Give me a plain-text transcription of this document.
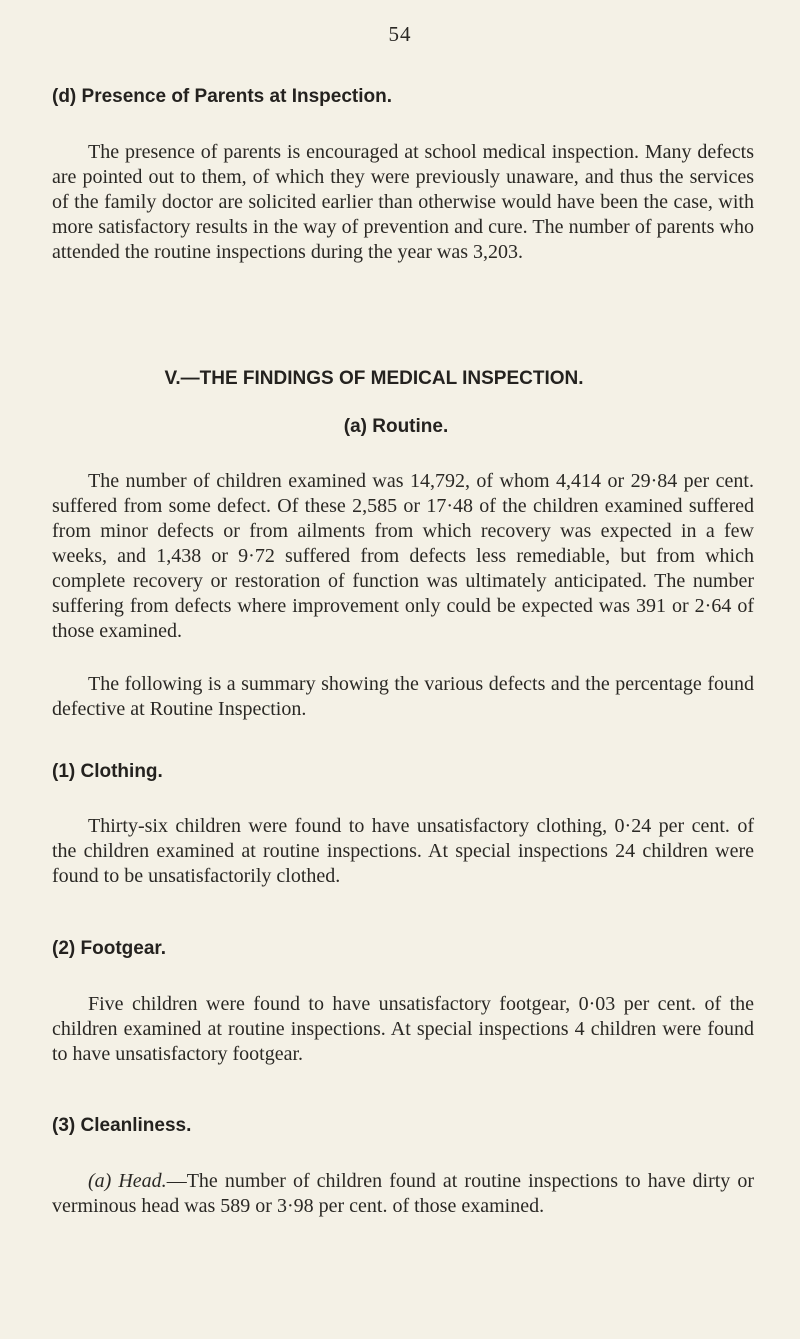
54
(d) Presence of Parents at Inspection.

The presence of parents is encouraged at school medical inspection. Many defects are pointed out to them, of which they were previously unaware, and thus the services of the family doctor are solicited earlier than otherwise would have been the case, with more satisfactory results in the way of prevention and cure. The number of parents who attended the routine inspections during the year was 3,203.

V.—THE FINDINGS OF MEDICAL INSPECTION.
(a) Routine.

The number of children examined was 14,792, of whom 4,414 or 29·84 per cent. suffered from some defect. Of these 2,585 or 17·48 of the children examined suffered from minor defects or from ailments from which recovery was expected in a few weeks, and 1,438 or 9·72 suffered from defects less remediable, but from which complete recovery or restoration of function was ultimately anticipated. The number suffering from defects where improvement only could be expected was 391 or 2·64 of those examined.

The following is a summary showing the various defects and the percentage found defective at Routine Inspection.

(1) Clothing.

Thirty-six children were found to have unsatisfactory clothing, 0·24 per cent. of the children examined at routine inspections. At special inspections 24 children were found to be unsatisfactorily clothed.

(2) Footgear.

Five children were found to have unsatisfactory footgear, 0·03 per cent. of the children examined at routine inspections. At special inspections 4 children were found to have unsatisfactory footgear.

(3) Cleanliness.

(a) Head.—The number of children found at routine inspections to have dirty or verminous head was 589 or 3·98 per cent. of those examined.
